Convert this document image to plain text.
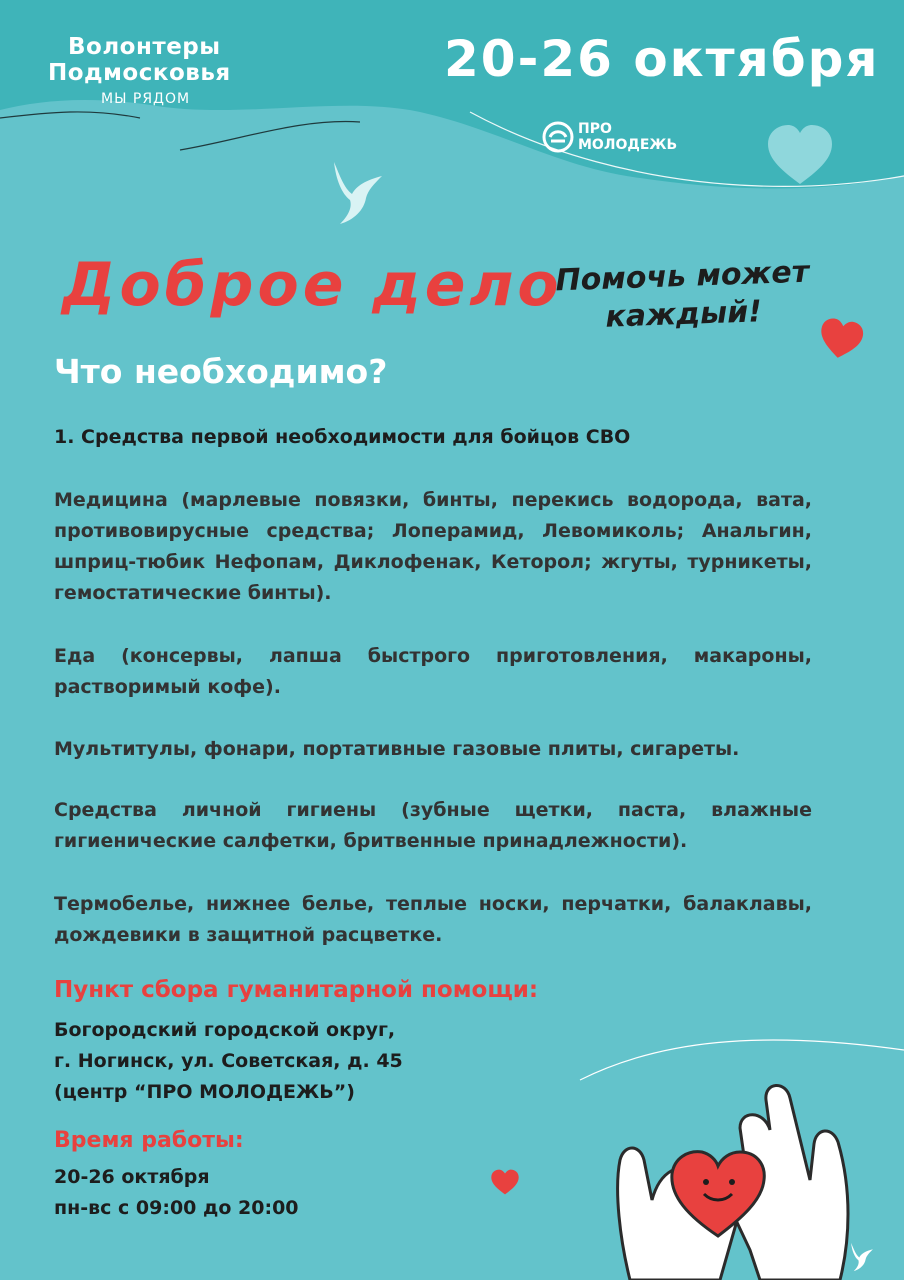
Волонтеры
Подмосковья
МЫ РЯДОМ
20-26 октября
ПРО
МОЛОДЕЖЬ
Доброе дело
Помочь может
каждый!
Что необходимо?
1. Средства первой необходимости для бойцов СВО
Медицина (марлевые повязки, бинты, перекись водорода, вата, противовирусные средства; Лоперамид, Левомиколь; Анальгин, шприц-тюбик Нефопам, Диклофенак, Кеторол; жгуты, турникеты, гемостатические бинты).
Еда (консервы, лапша быстрого приготовления, макароны, растворимый кофе).
Мультитулы, фонари, портативные газовые плиты, сигареты.
Средства личной гигиены (зубные щетки, паста, влажные гигиенические салфетки, бритвенные принадлежности).
Термобелье, нижнее белье, теплые носки, перчатки, балаклавы, дождевики в защитной расцветке.
Пункт сбора гуманитарной помощи:
Богородский городской округ,
г. Ногинск, ул. Советская, д. 45
(центр “ПРО МОЛОДЕЖЬ”)
Время работы:
20-26 октября
пн-вс с 09:00 до 20:00
